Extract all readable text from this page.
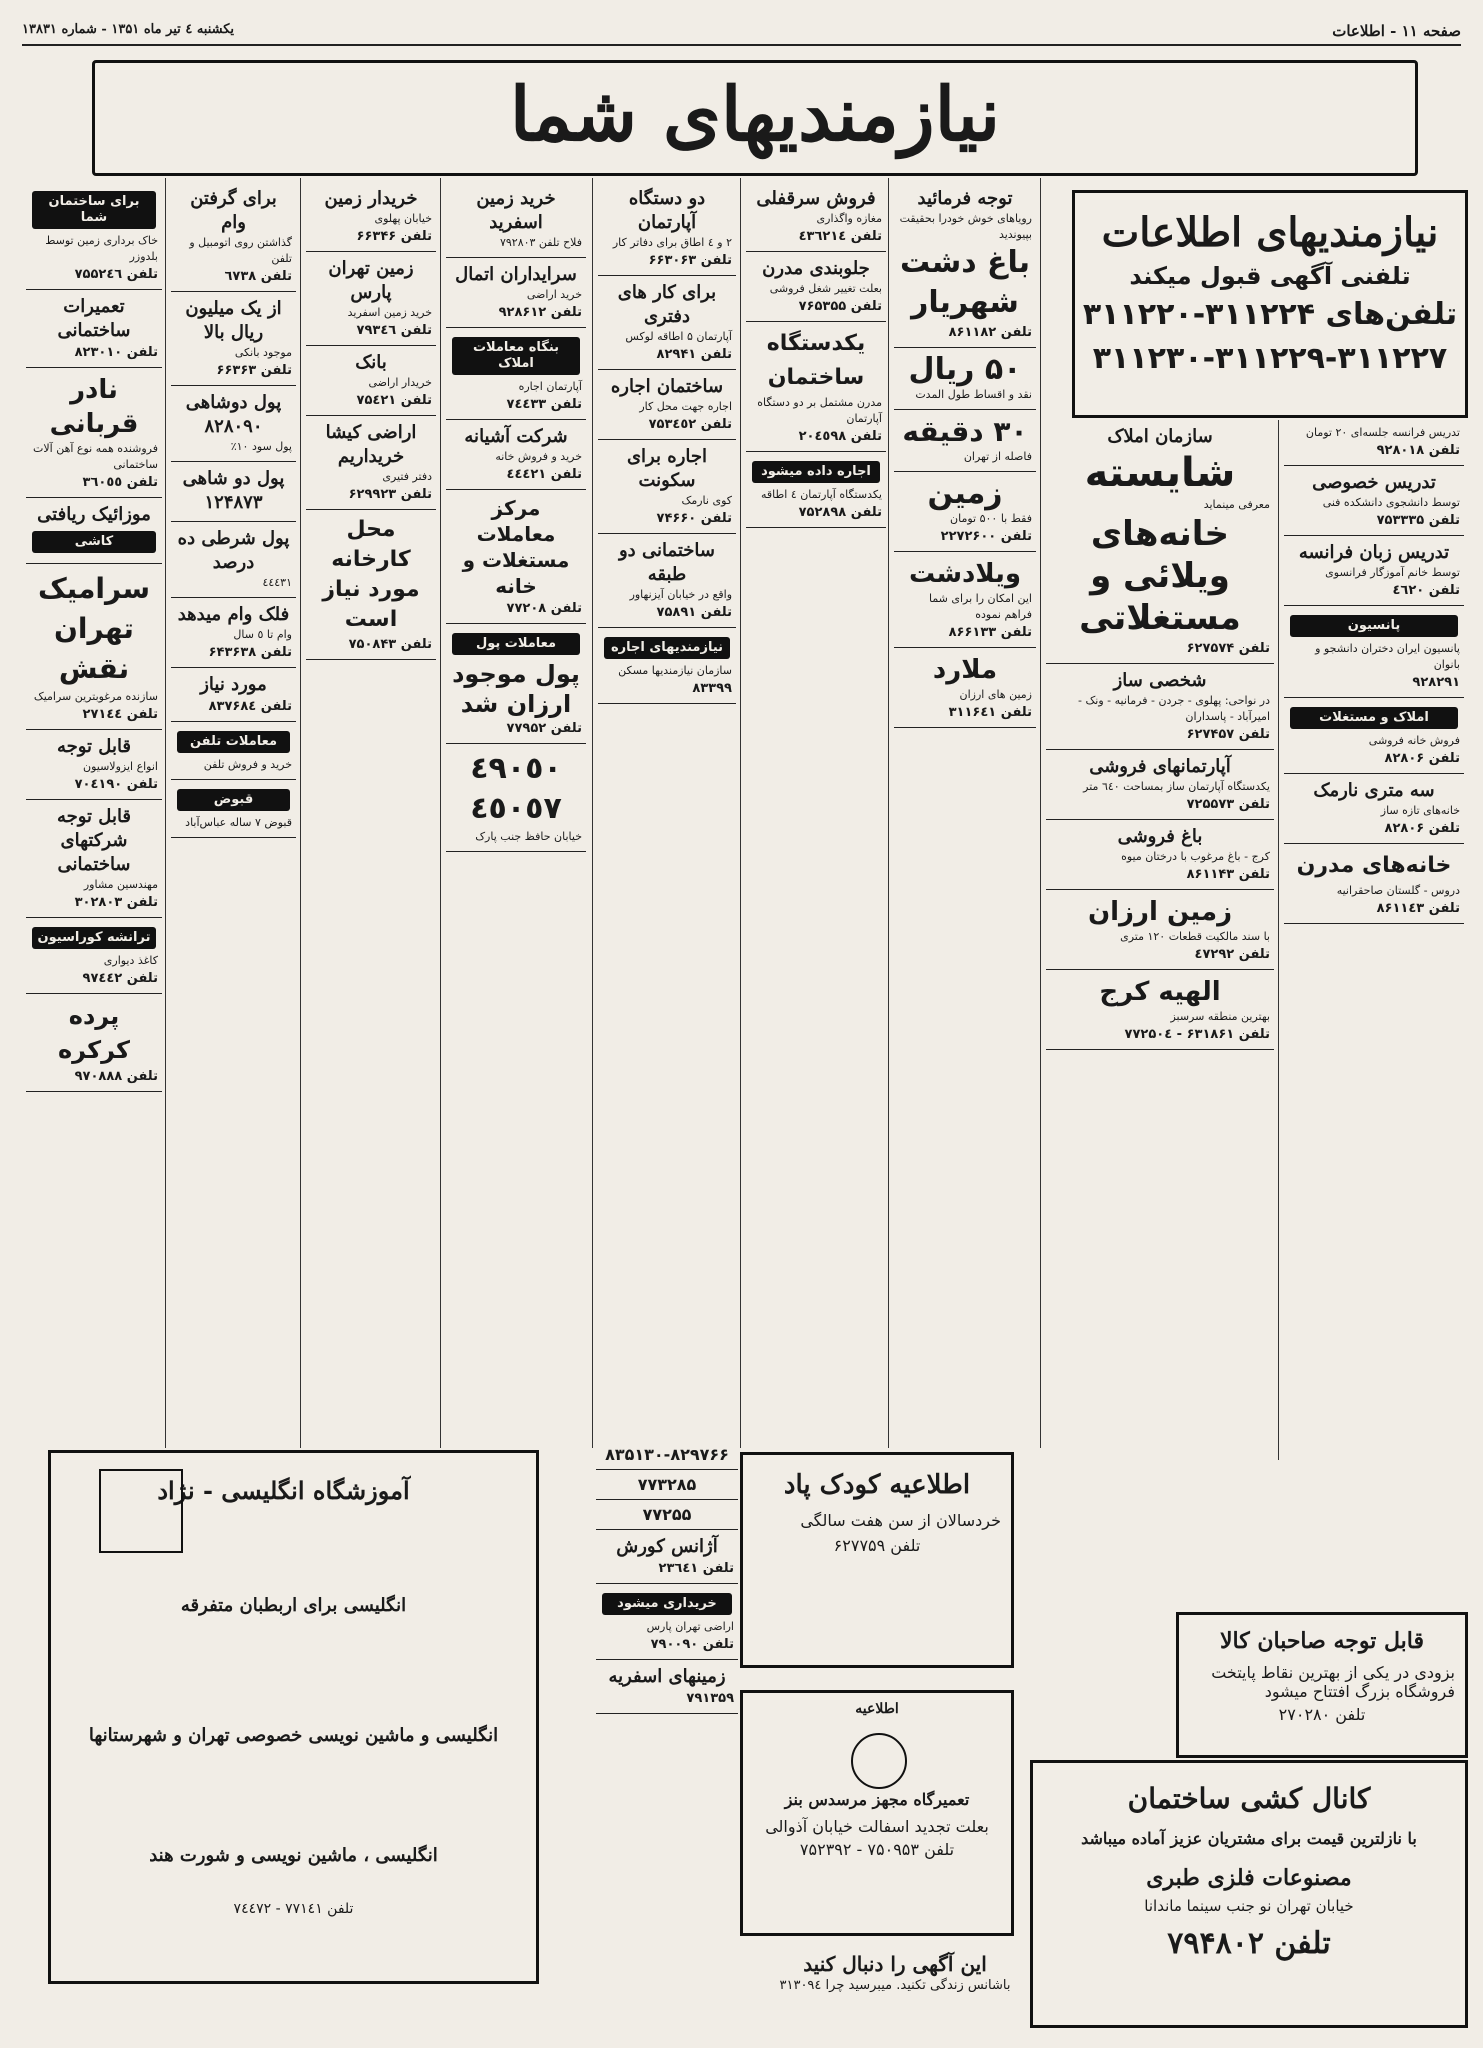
صفحه ۱۱ - اطلاعات
یکشنبه ٤ تیر ماه ۱۳۵۱ - شماره ۱۳۸۳۱
نیازمندیهای شما
نیازمندیهای اطلاعات
تلفنی آگهی قبول میکند
تلفن‌های ۳۱۱۲۲۴-۳۱۱۲۲۰
۳۱۱۲۳۰-۳۱۱۲۲۹-۳۱۱۲۲۷
تدریس فرانسه جلسه‌ای ۲۰ تومان
تلفن ۹۲۸۰۱۸
تدریس خصوصی
توسط دانشجوی دانشکده فنی
تلفن ۷۵۳۳۳۵
تدریس زبان فرانسه
توسط خانم آموزگار فرانسوی
تلفن ٤٦٢٠
پانسیون
پانسیون ایران دختران دانشجو و بانوان
۹۲۸۲۹۱
املاک و مستغلات
فروش خانه فروشی
تلفن ۸۲۸۰۶
سه متری نارمک
خانه‌های تازه ساز
تلفن ۸۲۸۰۶
خانه‌های مدرن
دروس - گلستان صاحقرانیه
تلفن ۸۶۱۱٤۳
سازمان املاک
شایسته
معرفی مینماید
خانه‌های ویلائی و مستغلاتی
تلفن ۶۲۷۵۷۴
شخصی ساز
در نواحی: پهلوی - جردن - فرمانیه - ونک - امیرآباد - پاسداران
تلفن ۶۲۷۴۵۷
آپارتمانهای فروشی
یکدستگاه آپارتمان ساز بمساحت ٦٤٠ متر
تلفن ۷۲۵۵۷۳
باغ فروشی
کرج - باغ مرغوب با درختان میوه
تلفن ۸۶۱۱۴۳
زمین ارزان
با سند مالکیت قطعات ۱۲۰ متری
تلفن ٤٧٢٩٢
الهیه کرج
بهترین منطقه سرسبز
تلفن ۶۳۱۸۶۱ - ۷۷۲۵۰٤
توجه فرمائید
رویاهای خوش خودرا بحقیقت بپیوندید
باغ دشت شهریار
تلفن ۸۶۱۱۸۲
۵۰ ریال
نقد و اقساط طول المدت
۳۰ دقیقه
فاصله از تهران
زمین
فقط با ۵۰۰ تومان
تلفن ۲۲۷۲۶۰۰
ویلادشت
این امکان را برای شما فراهم نموده
تلفن ۸۶۶۱۳۳
ملارد
زمین های ارزان
تلفن ۳۱۱۶٤۱
فروش سرقفلی
مغازه واگذاری
تلفن ٤٣٦٢١٤
جلوبندی مدرن
بعلت تغییر شغل فروشی
تلفن ۷۶۵۳۵۵
یکدستگاه ساختمان
مدرن مشتمل بر دو دستگاه آپارتمان
تلفن ۲۰٤٥۹۸
اجاره داده میشود
یکدستگاه آپارتمان ٤ اطاقه
تلفن ۷۵۲۸۹۸
دو دستگاه آپارتمان
۲ و ٤ اطاق برای دفاتر کار
تلفن ۶۶۳۰۶۳
برای کار های دفتری
آپارتمان ۵ اطاقه لوکس
تلفن ۸۲۹۴۱
ساختمان اجاره
اجاره جهت محل کار
تلفن ۷۵۳٤٥٢
اجاره برای سکونت
کوی نارمک
تلفن ۷۴۶۶۰
ساختمانی دو طبقه
واقع در خیابان آیزنهاور
تلفن ۷۵۸۹۱
نیازمندیهای اجاره
سازمان نیازمندیها مسکن
۸۳۳۹۹
خرید زمین اسفرید
فلاح تلفن ۷۹۲۸۰۳
سرایداران اتمال
خرید اراضی
تلفن ۹۲۸۶۱۲
بنگاه معاملات املاک
آپارتمان اجاره
تلفن ۷٤٤٣٣
شرکت آشیانه
خرید و فروش خانه
تلفن ٤٤٤٢١
مرکز معاملات مستغلات و خانه
تلفن ۷۷۲۰۸
معاملات پول
پول موجود ارزان شد
تلفن ۷۷۹۵۲
٤٩٠٥٠ ٤٥٠٥٧
خیابان حافظ جنب پارک
خریدار زمین
خیابان پهلوی
تلفن ۶۶۳۴۶
زمین تهران پارس
خرید زمین اسفرید
تلفن ۷۹۳٤٦
بانک
خریدار اراضی
تلفن ۷۵٤٢١
اراضی کیشا خریداریم
دفتر فتیری
تلفن ۶۲۹۹۲۳
محل کارخانه مورد نیاز است
تلفن ۷۵۰۸۴۳
برای گرفتن وام
گذاشتن روی اتومبیل و تلفن
تلفن ٦٧٣٨
از یک میلیون ریال بالا
موجود بانکی
تلفن ۶۶۳۶۳
پول دوشاهی ۸۲۸۰۹۰
پول سود ۱۰٪
پول دو شاهی ۱۲۴۸۷۳
پول شرطی ده درصد
٤٤٤٣١
فلک وام میدهد
وام تا ٥ سال
تلفن ۶۴۳۶۳۸
مورد نیاز
تلفن ۸۳۷۶۸٤
معاملات تلفن
خرید و فروش تلفن
قبوض
قبوض ۷ ساله عباس‌آباد
برای ساختمان شما
خاک برداری زمین توسط بلدوزر
تلفن ۷۵۵۲٤٦
تعمیرات ساختمانی
تلفن ۸۲۳۰۱۰
نادر قربانی
فروشنده همه نوع آهن آلات ساختمانی
تلفن ٣٦٠٥٥
موزائیک ریافتی
کاشی
سرامیک تهران نقش
سازنده مرغوبترین سرامیک
تلفن ۲۷۱٤٤
قابل توجه
انواع ایزولاسیون
تلفن ۷۰٤١٩٠
قابل توجه شرکتهای ساختمانی
مهندسین مشاور
تلفن ۳۰۲۸۰۳
ترانشه کوراسیون
کاغذ دیواری
تلفن ۹۷٤٤٢
پرده کرکره
تلفن ۹۷۰۸۸۸
آموزشگاه انگلیسی - نژاد
انگلیسی برای اربطبان متفرقه
انگلیسی و ماشین نویسی خصوصی تهران و شهرستانها
انگلیسی ، ماشین نویسی و شورت هند
تلفن ۷۷۱٤۱ - ۷٤٤٧٢
۸۳۵۱۳۰-۸۲۹۷۶۶
۷۷۳۲۸۵
۷۷۲۵۵
آژانس کورش
تلفن ۲۳٦٤۱
خریداری میشود
اراضی تهران پارس
تلفن ۷۹۰۰۹۰
زمینهای اسفریه
۷۹۱۳۵۹
اطلاعیه کودک پاد
خردسالان از سن هفت سالگی
تلفن ۶۲۷۷۵۹
اطلاعیه
تعمیرگاه مجهز مرسدس بنز
بعلت تجدید اسفالت خیابان آذوالی
تلفن ۷۵۰۹۵۳ - ۷۵۲۳۹۲
این آگهی را دنبال کنید
باشانس زندگی تکنید. میبرسید چرا ۳۱۳۰۹٤
قابل توجه صاحبان کالا
بزودی در یکی از بهترین نقاط پایتخت فروشگاه بزرگ افتتاح میشود
تلفن ۲۷۰۲۸۰
کانال کشی ساختمان
با نازلترین قیمت برای مشتریان عزیز آماده میباشد
مصنوعات فلزی طبری
خیابان تهران نو جنب سینما ماندانا
تلفن ۷۹۴۸۰۲
